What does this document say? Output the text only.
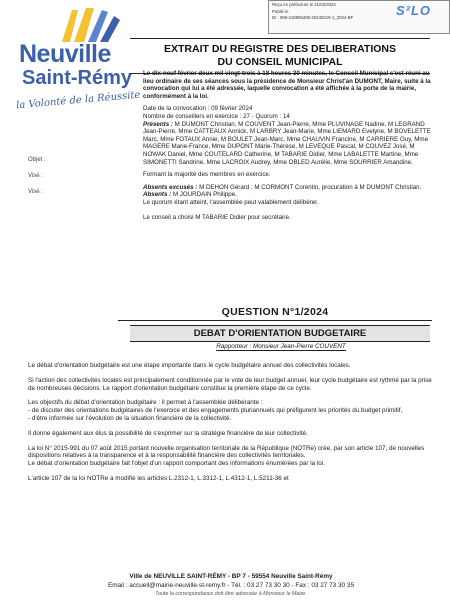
Reçu en préfecture le 21/02/2024
Publié le
ID : 059-215906285-20240219-1_2024-BF	S²LO
Neuville
Saint-Rémy
la Volonté de la Réussite
Objet :
Visé :
Visé :
EXTRAIT DU REGISTRE DES DELIBERATIONS
DU CONSEIL MUNICIPAL

Le dix-neuf février deux mil vingt-trois à 18 heures 30 minutes, le Conseil Municipal s'est réuni au lieu ordinaire de ses séances sous la présidence de Monsieur Christ'an DUMONT, Maire, suite à la convocation qui lui a été adressée, laquelle convocation a été affichée à la porte de la mairie, conformément à la loi.

Date de la convocation : 09 février 2024
Nombre de conseillers en exercice : 27 - Quorum : 14
Présents : M DUMONT Christian, M COUVENT Jean-Pierre, Mme PLUVINAGE Nadine, M LEGRAND Jean-Pierre, Mme CATTEAUX Annick, M LARBRY Jean-Marie, Mme LIEMARD Evelyne, M BOVELETTE Marc, Mme FOTAUX Annie, M BOULET Jean-Marc, Mme CHAUVIN Francine, M CARRIERE Guy, Mme MAGERE Marie-France, Mme DUPONT Marie-Thérèse, M LEVEQUE Pascal, M COUVEZ José, M NOWAK Daniel, Mme COUTELARD Catherine, M TABARIE Didier, Mme LABALETTE Martine, Mme SIMONETTI Sandrine, Mme LACROIX Audrey, Mme OBLED Aurélie, Mme SOURRIER Amandine.

Formant la majorité des membres en exercice.

Absents excusés : M DEHON Gérard ; M CORMONT Corentin, procuration à M DUMONT Christian.
Absents : M JOURDAIN Philippe.
Le quorum étant atteint, l'assemblée peut valablement délibérer.

Le conseil a choisi M TABARIE Didier pour secrétaire.

QUESTION N°1/2024
DEBAT D'ORIENTATION BUDGETAIRE
Rapporteur : Monsieur Jean-Pierre COUVENT

Le débat d'orientation budgétaire est une étape importante dans le cycle budgétaire annuel des collectivités locales.

Si l'action des collectivités locales est principalement conditionnée par le vote de leur budget annuel, leur cycle budgétaire est rythmé par la prise de nombreuses décisions. Le rapport d'orientation budgétaire constitue la première étape de ce cycle.

Les objectifs du débat d'orientation budgétaire : il permet à l'assemblée délibérante :
- de discuter des orientations budgétaires de l'exercice et des engagements pluriannuels qui préfigurent les priorités du budget primitif,
- d'être informée sur l'évolution de la situation financière de la collectivité.

Il donne également aux élus la possibilité de s'exprimer sur la stratégie financière de leur collectivité.

La loi N° 2015-991 du 07 août 2015 portant nouvelle organisation territoriale de la République (NOTRe) crée, par son article 107, de nouvelles dispositions relatives à la transparence et à la responsabilité financière des collectivités territoriales.
Le débat d'orientation budgétaire fait l'objet d'un rapport comportant des informations énumérées par la loi.

L'article 107 de la loi NOTRe a modifié les articles L.2312-1, L.3312-1, L.4312-1, L.5211-36 et

Ville de NEUVILLE SAINT-RÉMY - BP 7 - 59554 Neuville Saint-Rémy
Email : accueil@mairie-neuville-st-remy.fr - Tél. : 03 27 73 30 30 - Fax : 03 27 73 30 35
Toute la correspondance doit être adressée à Monsieur le Maire.
